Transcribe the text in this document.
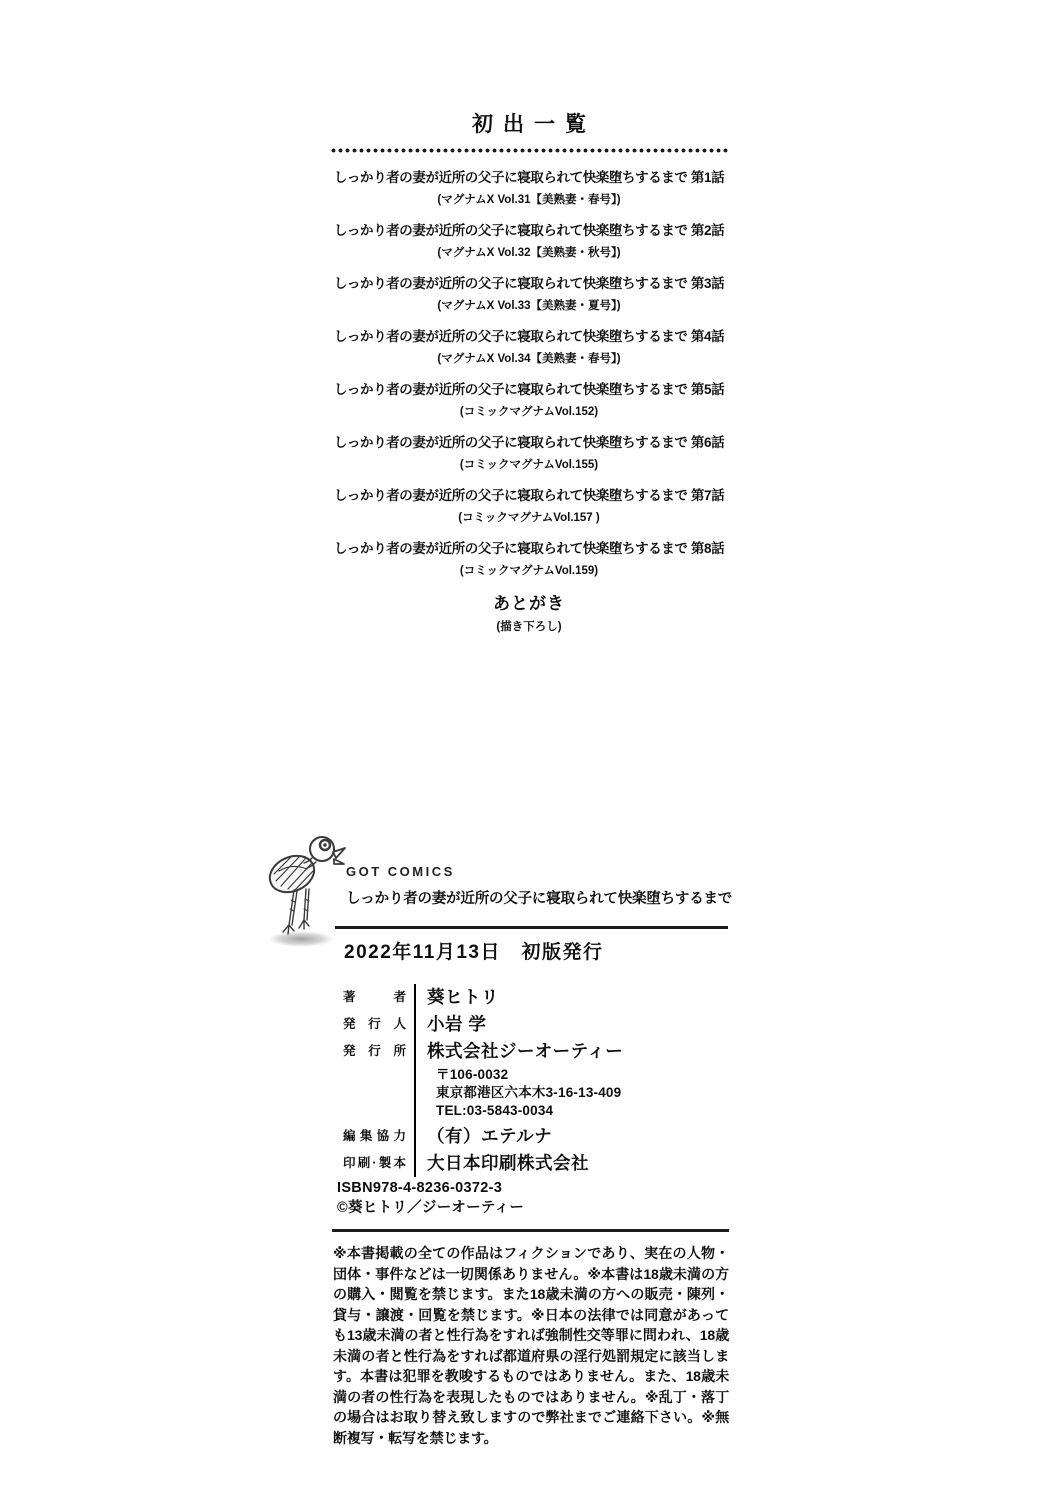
初出一覧
しっかり者の妻が近所の父子に寝取られて快楽堕ちするまで 第1話
(マグナムX Vol.31【美熟妻・春号】)
しっかり者の妻が近所の父子に寝取られて快楽堕ちするまで 第2話
(マグナムX Vol.32【美熟妻・秋号】)
しっかり者の妻が近所の父子に寝取られて快楽堕ちするまで 第3話
(マグナムX Vol.33【美熟妻・夏号】)
しっかり者の妻が近所の父子に寝取られて快楽堕ちするまで 第4話
(マグナムX Vol.34【美熟妻・春号】)
しっかり者の妻が近所の父子に寝取られて快楽堕ちするまで 第5話
(コミックマグナムVol.152)
しっかり者の妻が近所の父子に寝取られて快楽堕ちするまで 第6話
(コミックマグナムVol.155)
しっかり者の妻が近所の父子に寝取られて快楽堕ちするまで 第7話
(コミックマグナムVol.157 )
しっかり者の妻が近所の父子に寝取られて快楽堕ちするまで 第8話
(コミックマグナムVol.159)
あとがき
(描き下ろし)
GOT COMICS
しっかり者の妻が近所の父子に寝取られて快楽堕ちするまで
2022年11月13日　初版発行
著者 葵ヒトリ
発行人 小岩 学
発行所 株式会社ジーオーティー
〒106-0032
東京都港区六本木3-16-13-409
TEL:03-5843-0034
編集協力 （有）エテルナ
印刷·製本 大日本印刷株式会社
ISBN978-4-8236-0372-3
©葵ヒトリ／ジーオーティー
※本書掲載の全ての作品はフィクションであり、実在の人物・団体・事件などは一切関係ありません。※本書は18歳未満の方の購入・閲覧を禁じます。また18歳未満の方への販売・陳列・貸与・譲渡・回覧を禁じます。※日本の法律では同意があっても13歳未満の者と性行為をすれば強制性交等罪に問われ、18歳未満の者と性行為をすれば都道府県の淫行処罰規定に該当します。本書は犯罪を教唆するものではありません。また、18歳未満の者の性行為を表現したものではありません。※乱丁・落丁の場合はお取り替え致しますので弊社までご連絡下さい。※無断複写・転写を禁じます。
